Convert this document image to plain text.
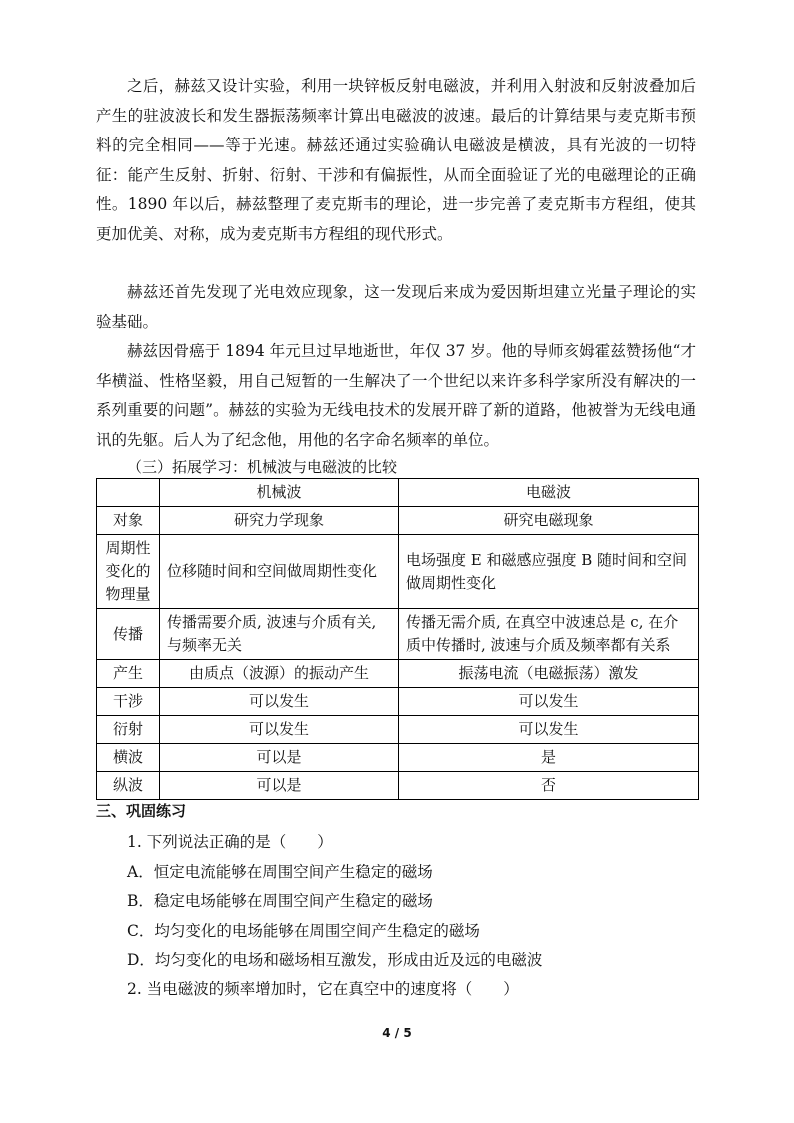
之后，赫兹又设计实验，利用一块锌板反射电磁波，并利用入射波和反射波叠加后产生的驻波波长和发生器振荡频率计算出电磁波的波速。最后的计算结果与麦克斯韦预料的完全相同——等于光速。赫兹还通过实验确认电磁波是横波，具有光波的一切特征：能产生反射、折射、衍射、干涉和有偏振性，从而全面验证了光的电磁理论的正确性。1890 年以后，赫兹整理了麦克斯韦的理论，进一步完善了麦克斯韦方程组，使其更加优美、对称，成为麦克斯韦方程组的现代形式。

赫兹还首先发现了光电效应现象，这一发现后来成为爱因斯坦建立光量子理论的实验基础。

赫兹因骨癌于 1894 年元旦过早地逝世，年仅 37 岁。他的导师亥姆霍兹赞扬他“才华横溢、性格坚毅，用自己短暂的一生解决了一个世纪以来许多科学家所没有解决的一系列重要的问题”。赫兹的实验为无线电技术的发展开辟了新的道路，他被誉为无线电通讯的先躯。后人为了纪念他，用他的名字命名频率的单位。

（三）拓展学习：机械波与电磁波的比较

	机械波	电磁波
对象	研究力学现象	研究电磁现象
周期性变化的物理量	位移随时间和空间做周期性变化	电场强度 E 和磁感应强度 B 随时间和空间做周期性变化
传播	传播需要介质, 波速与介质有关, 与频率无关	传播无需介质, 在真空中波速总是 c, 在介质中传播时, 波速与介质及频率都有关系
产生	由质点（波源）的振动产生	振荡电流（电磁振荡）激发
干涉	可以发生	可以发生
衍射	可以发生	可以发生
横波	可以是	是
纵波	可以是	否

三、巩固练习

1. 下列说法正确的是（　　）

A．恒定电流能够在周围空间产生稳定的磁场

B．稳定电场能够在周围空间产生稳定的磁场

C．均匀变化的电场能够在周围空间产生稳定的磁场

D．均匀变化的电场和磁场相互激发，形成由近及远的电磁波

2. 当电磁波的频率增加时，它在真空中的速度将（　　）

4 / 5
